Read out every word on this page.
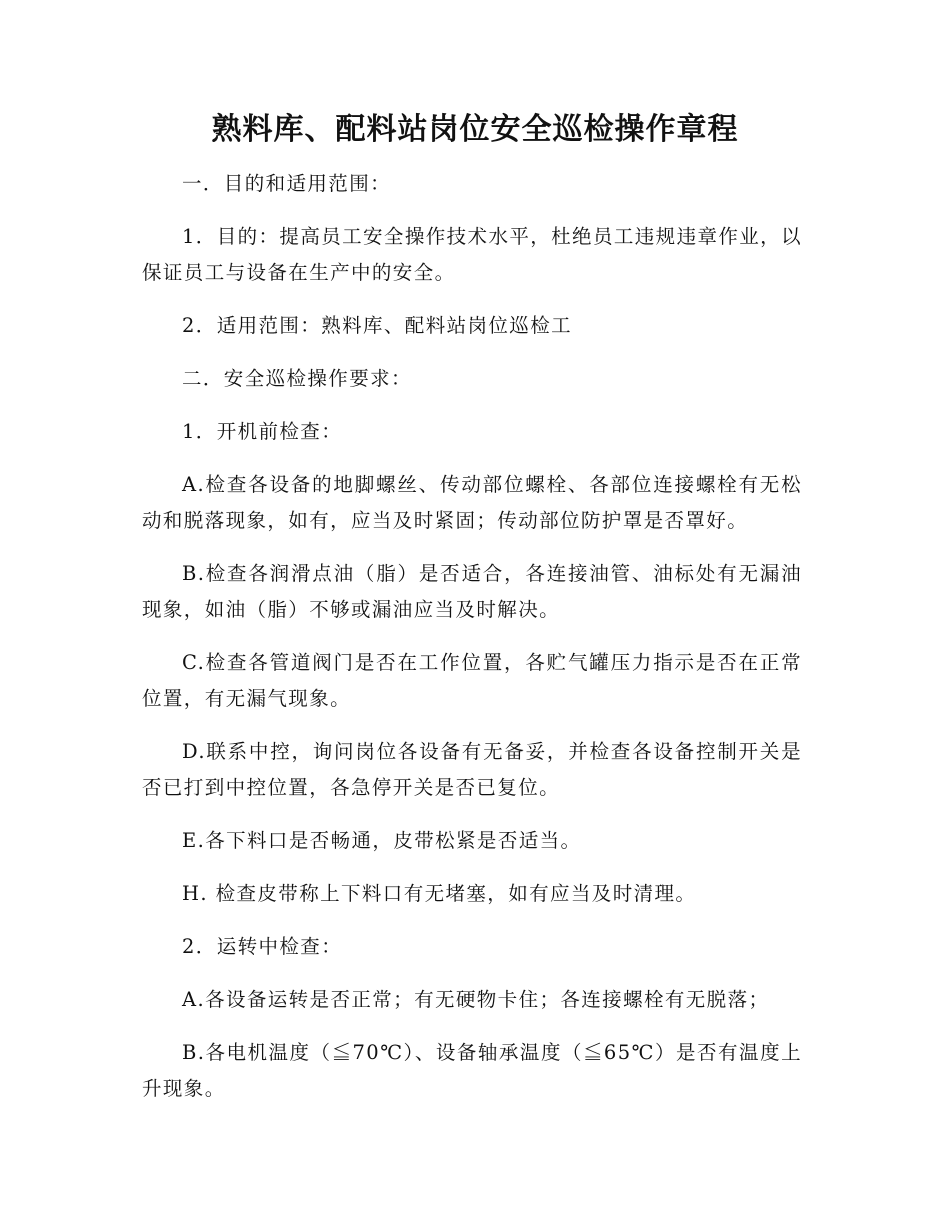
熟料库、配料站岗位安全巡检操作章程

一．目的和适用范围：

1．目的：提高员工安全操作技术水平，杜绝员工违规违章作业，以保证员工与设备在生产中的安全。

2．适用范围：熟料库、配料站岗位巡检工

二．安全巡检操作要求：

1．开机前检查：

A.检查各设备的地脚螺丝、传动部位螺栓、各部位连接螺栓有无松动和脱落现象，如有，应当及时紧固；传动部位防护罩是否罩好。

B.检查各润滑点油（脂）是否适合，各连接油管、油标处有无漏油现象，如油（脂）不够或漏油应当及时解决。

C.检查各管道阀门是否在工作位置，各贮气罐压力指示是否在正常位置，有无漏气现象。

D.联系中控，询问岗位各设备有无备妥，并检查各设备控制开关是否已打到中控位置，各急停开关是否已复位。

E.各下料口是否畅通，皮带松紧是否适当。

H. 检查皮带称上下料口有无堵塞，如有应当及时清理。

2．运转中检查：

A.各设备运转是否正常；有无硬物卡住；各连接螺栓有无脱落；

B.各电机温度（≦70℃）、设备轴承温度（≦65℃）是否有温度上升现象。
